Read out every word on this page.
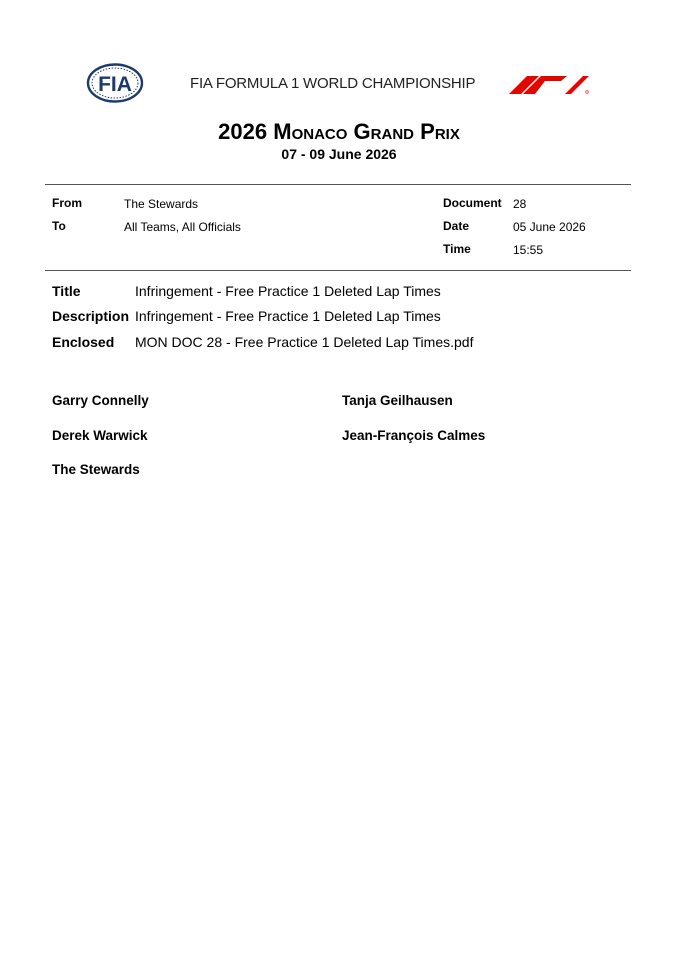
FIA	FIA FORMULA 1 WORLD CHAMPIONSHIP
2026 Monaco Grand Prix
07 - 09 June 2026
From	The Stewards
To	All Teams, All Officials
Document 28
Date	05 June 2026
Time	15:55
Title	Infringement - Free Practice 1 Deleted Lap Times
Description Infringement - Free Practice 1 Deleted Lap Times
Enclosed MON DOC 28 - Free Practice 1 Deleted Lap Times.pdf
Garry Connelly	Tanja Geilhausen
Derek Warwick	Jean-François Calmes
The Stewards
